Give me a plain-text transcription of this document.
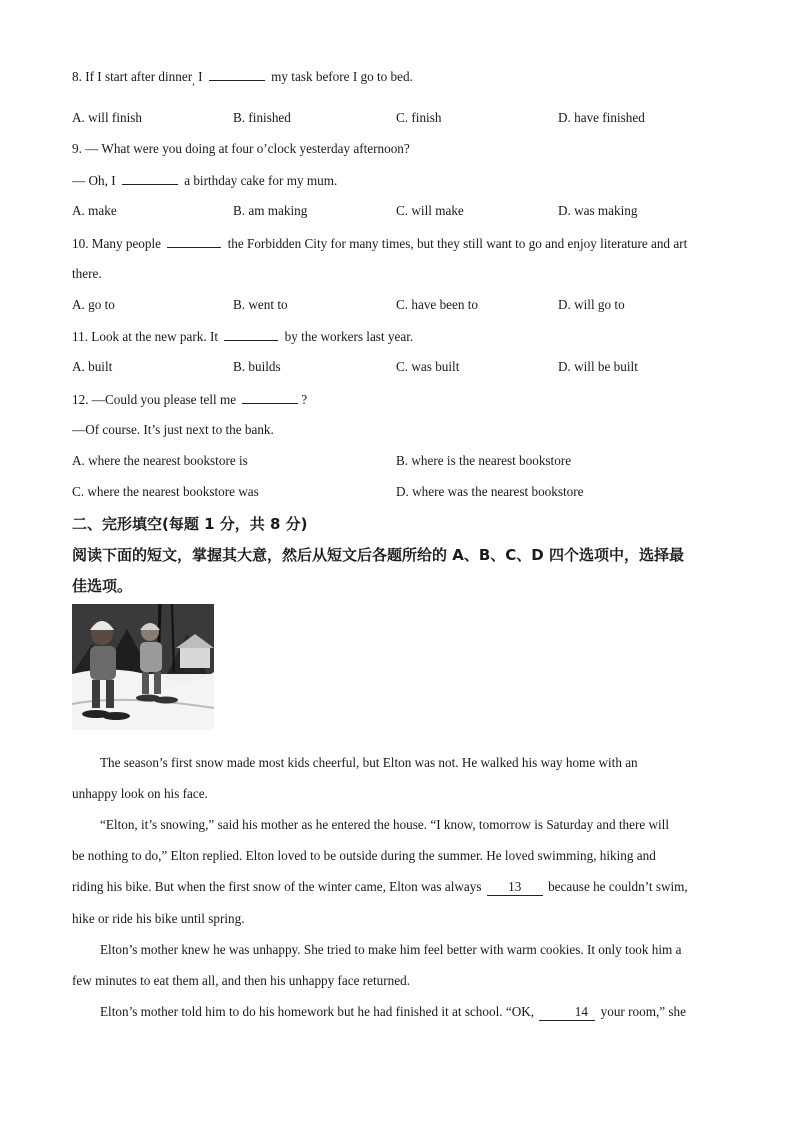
8. If I start after dinner$_,$ I	my task before I go to bed.
A. will finish	B. finished	C. finish	D. have finished
9. — What were you doing at four o’clock yesterday afternoon?
— Oh, I	a birthday cake for my mum.
A. make	B. am making	C. will make	D. was making
10. Many people	the Forbidden City for many times, but they still want to go and enjoy literature and art
there.
A. go to	B. went to	C. have been to	D. will go to
11. Look at the new park. It	by the workers last year.
A. built	B. builds	C. was built	D. will be built
12. —Could you please tell me	?
—Of course. It’s just next to the bank.
A. where the nearest bookstore is	B. where is the nearest bookstore
C. where the nearest bookstore was	D. where was the nearest bookstore
二、完形填空(每题 1 分，共 8 分)
阅读下面的短文，掌握其大意，然后从短文后各题所给的 A、B、C、D 四个选项中，选择最
佳选项。
The season’s first snow made most kids cheerful, but Elton was not. He walked his way home with an
unhappy look on his face.
“Elton, it’s snowing,” said his mother as he entered the house. “I know, tomorrow is Saturday and there will
be nothing to do,” Elton replied. Elton loved to be outside during the summer. He loved swimming, hiking and
riding his bike. But when the first snow of the winter came, Elton was always 13 because he couldn’t swim,
hike or ride his bike until spring.
Elton’s mother knew he was unhappy. She tried to make him feel better with warm cookies. It only took him a
few minutes to eat them all, and then his unhappy face returned.
Elton’s mother told him to do his homework but he had finished it at school. “OK,	14 your room,” she
